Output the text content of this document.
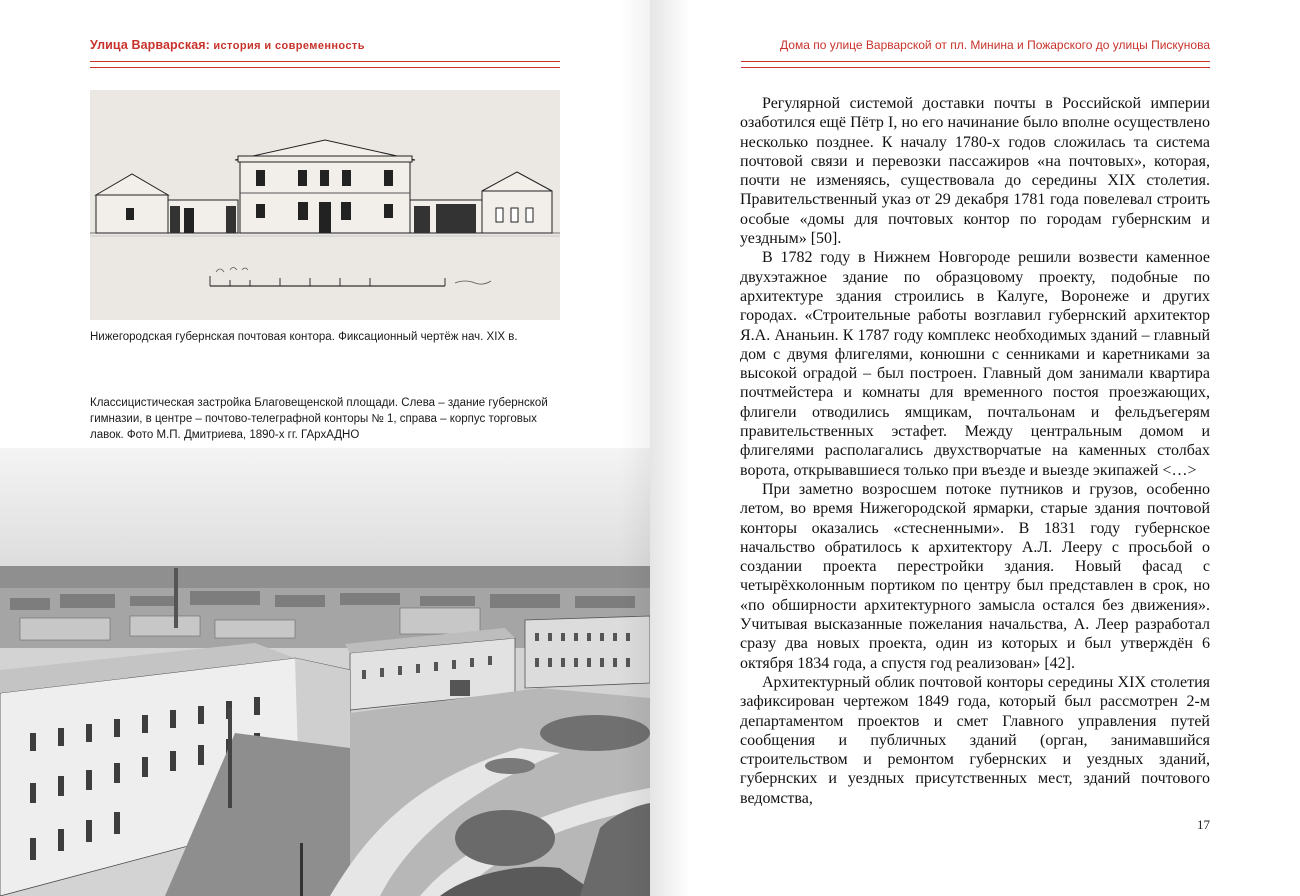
Улица Варварская: история и современность
Нижегородская губернская почтовая контора. Фиксационный чертёж нач. XIX в.
Классицистическая застройка Благовещенской площади. Слева – здание губернской гимназии, в центре – почтово-телеграфной конторы № 1, справа – корпус торговых лавок. Фото М.П. Дмитриева, 1890-х гг. ГАрхАДНО
Дома по улице Варварской от пл. Минина и Пожарского до улицы Пискунова

Регулярной системой доставки почты в Российской империи озаботился ещё Пётр I, но его начинание было вполне осуществлено несколько позднее. К началу 1780-х годов сложилась та система почтовой связи и перевозки пассажиров «на почтовых», которая, почти не изменяясь, существовала до середины XIX столетия. Правительственный указ от 29 декабря 1781 года повелевал строить особые «домы для почтовых контор по городам губернским и уездным» [50].

В 1782 году в Нижнем Новгороде решили возвести каменное двухэтажное здание по образцовому проекту, подобные по архитектуре здания строились в Калуге, Воронеже и других городах. «Строительные работы возглавил губернский архитектор Я.А. Ананьин. К 1787 году комплекс необходимых зданий – главный дом с двумя флигелями, конюшни с сенниками и каретниками за высокой оградой – был построен. Главный дом занимали квартира почтмейстера и комнаты для временного постоя проезжающих, флигели отводились ямщикам, почтальонам и фельдъегерям правительственных эстафет. Между центральным домом и флигелями располагались двухстворчатые на каменных столбах ворота, открывавшиеся только при въезде и выезде экипажей <…>

При заметно возросшем потоке путников и грузов, особенно летом, во время Нижегородской ярмарки, старые здания почтовой конторы оказались «стесненными». В 1831 году губернское начальство обратилось к архитектору А.Л. Лееру с просьбой о создании проекта перестройки здания. Новый фасад с четырёхколонным портиком по центру был представлен в срок, но «по обширности архитектурного замысла остался без движения». Учитывая высказанные пожелания начальства, А. Леер разработал сразу два новых проекта, один из которых и был утверждён 6 октября 1834 года, а спустя год реализован» [42].

Архитектурный облик почтовой конторы середины XIX столетия зафиксирован чертежом 1849 года, который был рассмотрен 2-м департаментом проектов и смет Главного управления путей сообщения и публичных зданий (орган, занимавшийся строительством и ремонтом губернских и уездных зданий, губернских и уездных присутственных мест, зданий почтового ведомства,

17
